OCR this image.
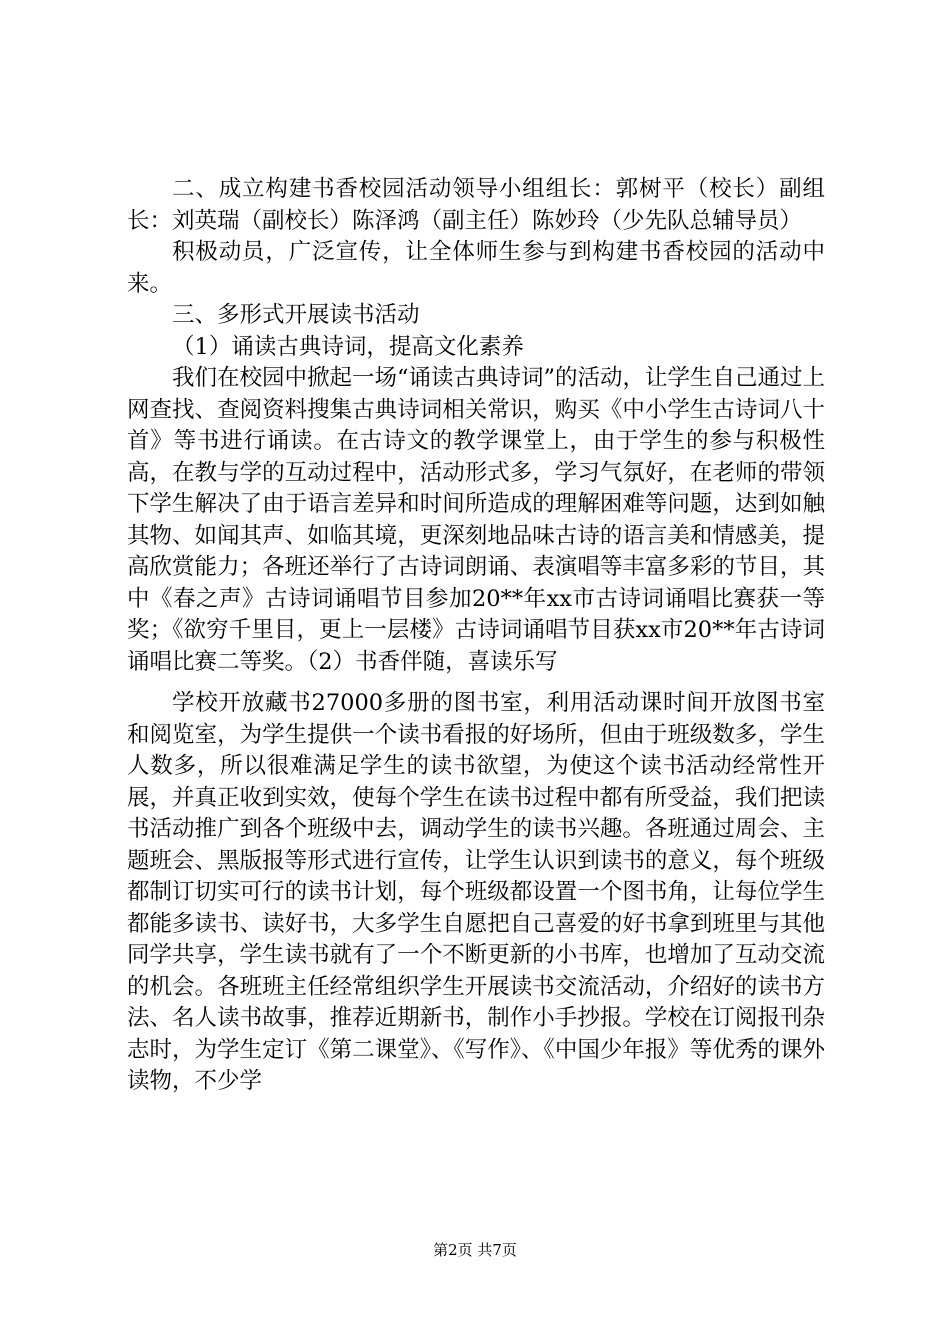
二、成立构建书香校园活动领导小组组长：郭树平（校长）副组长：刘英瑞（副校长）陈泽鸿（副主任）陈妙玲（少先队总辅导员）

积极动员，广泛宣传，让全体师生参与到构建书香校园的活动中来。

三、多形式开展读书活动

（1）诵读古典诗词，提高文化素养

我们在校园中掀起一场“诵读古典诗词”的活动，让学生自己通过上网查找、查阅资料搜集古典诗词相关常识，购买《中小学生古诗词八十首》等书进行诵读。在古诗文的教学课堂上，由于学生的参与积极性高，在教与学的互动过程中，活动形式多，学习气氛好，在老师的带领下学生解决了由于语言差异和时间所造成的理解困难等问题，达到如触其物、如闻其声、如临其境，更深刻地品味古诗的语言美和情感美，提高欣赏能力；各班还举行了古诗词朗诵、表演唱等丰富多彩的节目，其中《春之声》古诗词诵唱节目参加20**年xx市古诗词诵唱比赛获一等奖；《欲穷千里目，更上一层楼》古诗词诵唱节目获xx市20**年古诗词诵唱比赛二等奖。（2）书香伴随，喜读乐写

学校开放藏书27000多册的图书室，利用活动课时间开放图书室和阅览室，为学生提供一个读书看报的好场所，但由于班级数多，学生人数多，所以很难满足学生的读书欲望，为使这个读书活动经常性开展，并真正收到实效，使每个学生在读书过程中都有所受益，我们把读书活动推广到各个班级中去，调动学生的读书兴趣。各班通过周会、主题班会、黑版报等形式进行宣传，让学生认识到读书的意义，每个班级都制订切实可行的读书计划，每个班级都设置一个图书角，让每位学生都能多读书、读好书，大多学生自愿把自己喜爱的好书拿到班里与其他同学共享，学生读书就有了一个不断更新的小书库，也增加了互动交流的机会。各班班主任经常组织学生开展读书交流活动，介绍好的读书方法、名人读书故事，推荐近期新书，制作小手抄报。学校在订阅报刊杂志时，为学生定订《第二课堂》、《写作》、《中国少年报》等优秀的课外读物，不少学

第2页 共7页
